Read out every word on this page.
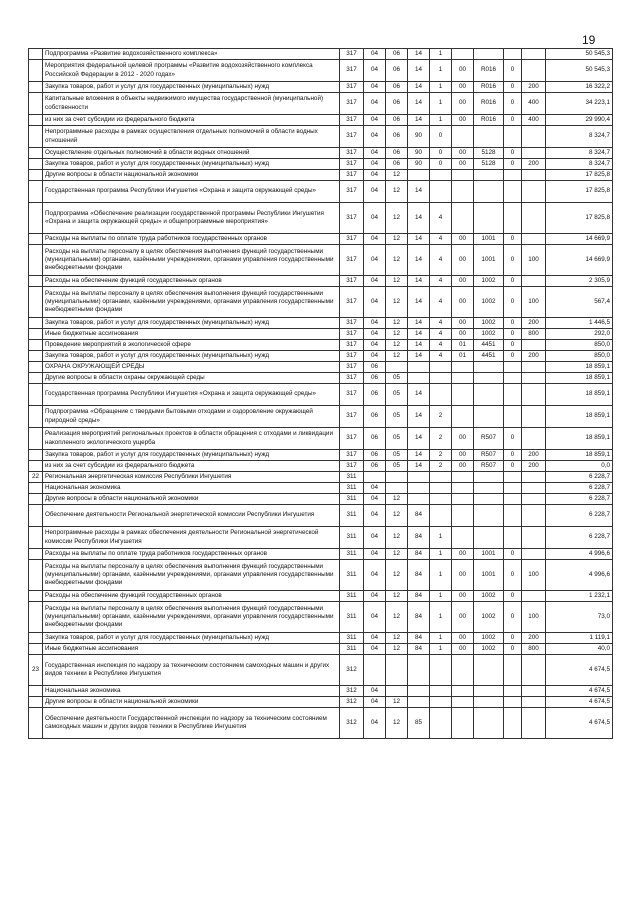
19
	Подпрограмма «Развитие водохозяйственного комплекса»	317	04	06	14	1					50 545,3
	Мероприятия федеральной целевой программы «Развитие водохозяйственного комплекса Российской Федерации в 2012 - 2020 годах»	317	04	06	14	1	00	R016	0		50 545,3
	Закупка товаров, работ и услуг для государственных (муниципальных) нужд	317	04	06	14	1	00	R016	0	200	16 322,2
	Капитальные вложения в объекты недвижимого имущества государственной (муниципальной) собственности	317	04	06	14	1	00	R016	0	400	34 223,1
	из них за счет субсидии из федерального бюджета	317	04	06	14	1	00	R016	0	400	29 990,4
	Непрограммные расходы в рамках осуществления отдельных полномочий в области водных отношений	317	04	06	90	0					8 324,7
	Осуществление отдельных полномочий в области водных отношений	317	04	06	90	0	00	5128	0		8 324,7
	Закупка товаров, работ и услуг для государственных (муниципальных) нужд	317	04	06	90	0	00	5128	0	200	8 324,7
	Другие вопросы в области национальной экономики	317	04	12							17 825,8
	Государственная программа Республики Ингушетия «Охрана и защита окружающей среды»	317	04	12	14						17 825,8
	Подпрограмма «Обеспечение реализации государственной программы Республики Ингушетия «Охрана и защита окружающей среды» и общепрограммные мероприятия»	317	04	12	14	4					17 825,8
	Расходы на выплаты по оплате труда работников государственных органов	317	04	12	14	4	00	1001	0		14 669,9
	Расходы на выплаты персоналу в целях обеспечения выполнения функций государственными (муниципальными) органами, казёнными учреждениями, органами управления государственными внебюджетными фондами	317	04	12	14	4	00	1001	0	100	14 669,9
	Расходы на обеспечение функций государственных органов	317	04	12	14	4	00	1002	0		2 305,9
	Расходы на выплаты персоналу в целях обеспечения выполнения функций государственными (муниципальными) органами, казёнными учреждениями, органами управления государственными внебюджетными фондами	317	04	12	14	4	00	1002	0	100	567,4
	Закупка товаров, работ и услуг для государственных (муниципальных) нужд	317	04	12	14	4	00	1002	0	200	1 446,5
	Иные бюджетные ассигнования	317	04	12	14	4	00	1002	0	800	292,0
	Проведение мероприятий в экологической сфере	317	04	12	14	4	01	4451	0		850,0
	Закупка товаров, работ и услуг для государственных (муниципальных) нужд	317	04	12	14	4	01	4451	0	200	850,0
	ОХРАНА ОКРУЖАЮЩЕЙ СРЕДЫ	317	06								18 859,1
	Другие вопросы в области охраны окружающей среды	317	06	05							18 859,1
	Государственная программа Республики Ингушетия «Охрана и защита окружающей среды»	317	06	05	14						18 859,1
	Подпрограмма «Обращение с твердыми бытовыми отходами и оздоровление окружающей природной среды»	317	06	05	14	2					18 859,1
	Реализация мероприятий региональных проектов в области обращения с отходами и ликвидации накопленного экологического ущерба	317	06	05	14	2	00	R507	0		18 859,1
	Закупка товаров, работ и услуг для государственных (муниципальных) нужд	317	06	05	14	2	00	R507	0	200	18 859,1
	из них за счет субсидии из федерального бюджета	317	06	05	14	2	00	R507	0	200	0,0
22	Региональная энергетическая комиссия Республики Ингушетия	311									6 228,7
	Национальная экономика	311	04								6 228,7
	Другие вопросы в области национальной экономики	311	04	12							6 228,7
	Обеспечение деятельности Региональной энергетической комиссии Республики Ингушетия	311	04	12	84						6 228,7
	Непрограммные расходы в рамках обеспечения деятельности Региональной энергетической комиссии Республики Ингушетия	311	04	12	84	1					6 228,7
	Расходы на выплаты по оплате труда работников государственных органов	311	04	12	84	1	00	1001	0		4 996,6
	Расходы на выплаты персоналу в целях обеспечения выполнения функций государственными (муниципальными) органами, казёнными учреждениями, органами управления государственными внебюджетными фондами	311	04	12	84	1	00	1001	0	100	4 996,6
	Расходы на обеспечение функций государственных органов	311	04	12	84	1	00	1002	0		1 232,1
	Расходы на выплаты персоналу в целях обеспечения выполнения функций государственными (муниципальными) органами, казёнными учреждениями, органами управления государственными внебюджетными фондами	311	04	12	84	1	00	1002	0	100	73,0
	Закупка товаров, работ и услуг для государственных (муниципальных) нужд	311	04	12	84	1	00	1002	0	200	1 119,1
	Иные бюджетные ассигнования	311	04	12	84	1	00	1002	0	800	40,0
23	Государственная инспекция по надзору за техническим состоянием самоходных машин и других видов техники в Республике Ингушетия	312									4 674,5
	Национальная экономика	312	04								4 674,5
	Другие вопросы в области национальной экономики	312	04	12							4 674,5
	Обеспечение деятельности Государственной инспекции по надзору за техническим состоянием самоходных машин и других видов техники в Республике Ингушетия	312	04	12	85						4 674,5
